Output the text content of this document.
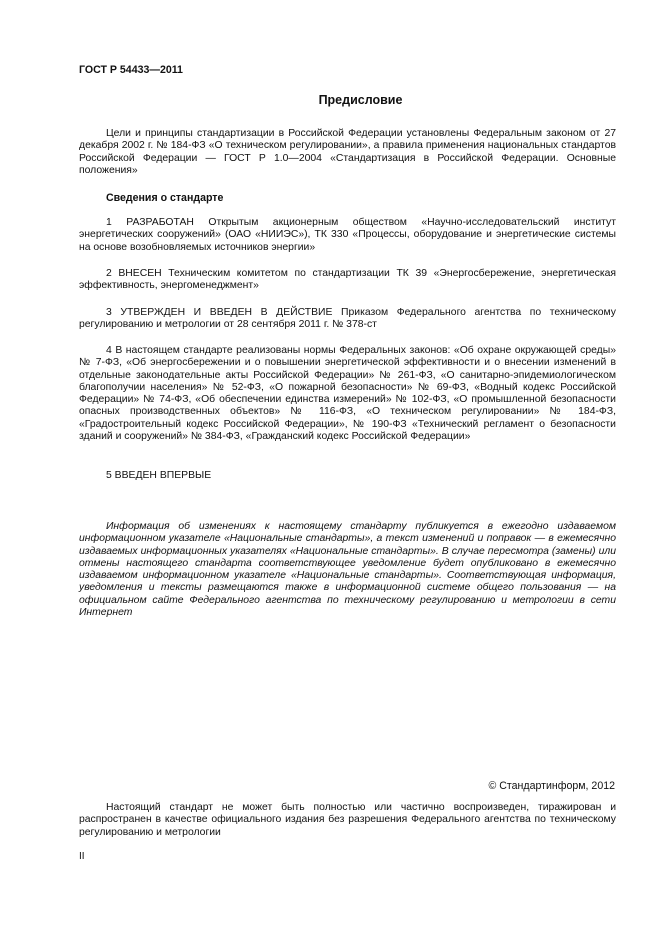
ГОСТ Р 54433—2011
Предисловие

Цели и принципы стандартизации в Российской Федерации установлены Федеральным законом от 27 декабря 2002 г. № 184-ФЗ «О техническом регулировании», а правила применения национальных стандартов Российской Федерации — ГОСТ Р 1.0—2004 «Стандартизация в Российской Федерации. Основные положения»

Сведения о стандарте

1 РАЗРАБОТАН Открытым акционерным обществом «Научно-исследовательский институт энергетических сооружений» (ОАО «НИИЭС»), ТК 330 «Процессы, оборудование и энергетические системы на основе возобновляемых источников энергии»

2 ВНЕСЕН Техническим комитетом по стандартизации ТК 39 «Энергосбережение, энергетическая эффективность, энергоменеджмент»

3 УТВЕРЖДЕН И ВВЕДЕН В ДЕЙСТВИЕ Приказом Федерального агентства по техническому регулированию и метрологии от 28 сентября 2011 г. № 378-ст

4 В настоящем стандарте реализованы нормы Федеральных законов: «Об охране окружающей среды» № 7-ФЗ, «Об энергосбережении и о повышении энергетической эффективности и о внесении изменений в отдельные законодательные акты Российской Федерации» № 261-ФЗ, «О санитарно-эпидемиологическом благополучии населения» № 52-ФЗ, «О пожарной безопасности» № 69-ФЗ, «Водный кодекс Российской Федерации» № 74-ФЗ, «Об обеспечении единства измерений» № 102-ФЗ, «О промышленной безопасности опасных производственных объектов» № 116-ФЗ, «О техническом регулировании» № 184-ФЗ, «Градостроительный кодекс Российской Федерации», № 190-ФЗ «Технический регламент о безопасности зданий и сооружений» № 384-ФЗ, «Гражданский кодекс Российской Федерации»

5 ВВЕДЕН ВПЕРВЫЕ

Информация об изменениях к настоящему стандарту публикуется в ежегодно издаваемом информационном указателе «Национальные стандарты», а текст изменений и поправок — в ежемесячно издаваемых информационных указателях «Национальные стандарты». В случае пересмотра (замены) или отмены настоящего стандарта соответствующее уведомление будет опубликовано в ежемесячно издаваемом информационном указателе «Национальные стандарты». Соответствующая информация, уведомления и тексты размещаются также в информационной системе общего пользования — на официальном сайте Федерального агентства по техническому регулированию и метрологии в сети Интернет

© Стандартинформ, 2012

Настоящий стандарт не может быть полностью или частично воспроизведен, тиражирован и распространен в качестве официального издания без разрешения Федерального агентства по техническому регулированию и метрологии

II
